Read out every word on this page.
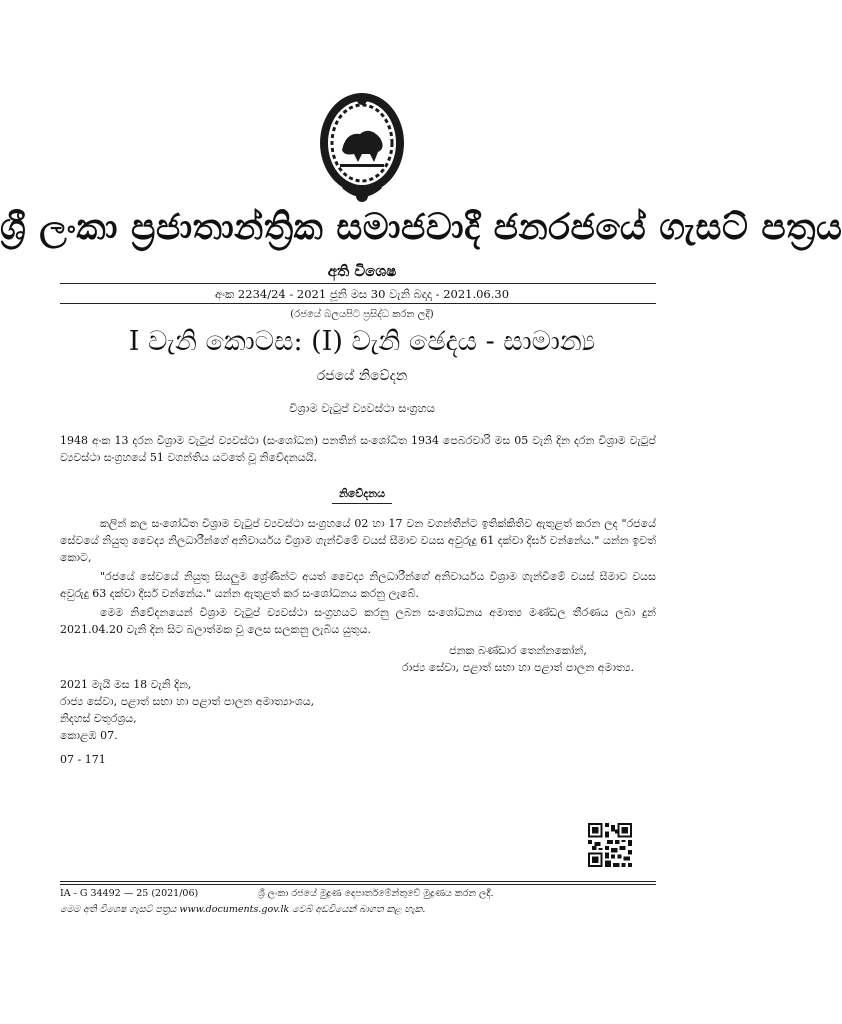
ශ්‍රී ලංකා ප්‍රජාතාන්ත්‍රික සමාජවාදී ජනරජයේ ගැසට් පත්‍රය
අති විශෙෂ
අංක 2234/24 - 2021 ජූනි මස 30 වැනි බදාදා - 2021.06.30
(රජයේ බලයපිට ප්‍රසිද්ධ කරන ලදී)
I වැනි කොටස: (I) වැනි ඡෙදය - සාමාන්‍ය
රජයේ නිවේදන
විශ්‍රාම වැටුප් ව්‍යවස්ථා සංග්‍රහය
1948 අංක 13 දරන විශ්‍රාම වැටුප් ව්‍යවස්ථා (සංශෝධන) පනතින් සංශෝධිත 1934 පෙබරවාරි මස 05 වැනි දින දරන විශ්‍රාම වැටුප් ව්‍යවස්ථා සංග්‍රහයේ 51 වගන්තිය යටතේ වූ නිවේදනයයි.
නිවේදනය
කලින් කල සංශෝධිත විශ්‍රාම වැටුප් ව්‍යවස්ථා සංග්‍රහයේ 02 හා 17 වන වගන්තීන්ට ඉතික්කිතිව ඇතුළත් කරන ලද "රජයේ සේවයේ නියුතු වෛද්‍ය නිලධාරීන්ගේ අනිවාර්යය විශ්‍රාම ගැන්වීමේ වයස් සීමාව වයස අවුරුදු 61 දක්වා දීර්ඝ වන්නේය." යන්න ඉවත් කොට,
"රජයේ සේවයේ නියුතු සියලුම ශ්‍රේණීන්ට අයත් වෛද්‍ය නිලධාරීන්ගේ අනිවාර්යය විශ්‍රාම ගැන්වීමේ වයස් සීමාව වයස අවුරුදු 63 දක්වා දීර්ඝ වන්නේය." යන්න ඇතුළත් කර සංශෝධනය කරනු ලැබේ.
මෙම නිවේදනයෙන් විශ්‍රාම වැටුප් ව්‍යවස්ථා සංග්‍රහයට කරනු ලබන සංශෝධනය අමාත්‍ය මණ්ඩල තීරණය ලබා දුන් 2021.04.20 වැනි දින සිට බලාත්මක වූ ලෙස සලකනු ලැබිය යුතුය.
ජනක බණ්ඩාර තෙන්නකෝන්,
රාජ්‍ය සේවා, පළාත් සභා හා පළාත් පාලන අමාත්‍ය.
2021 මැයි මස 18 වැනි දින,
රාජ්‍ය සේවා, පළාත් සභා හා පළාත් පාලන අමාත්‍යාංශය,
නිදහස් චතුරශ්‍රය,
කොළඹ 07.
07 - 171
IA - G 34492 — 25 (2021/06)	ශ්‍රී ලංකා රජයේ මුද්‍රණ දෙපාර්තමේන්තුවේ මුද්‍රණය කරන ලදී.
මෙම අති විශෙෂ ගැසට් පත්‍රය www.documents.gov.lk වෙබ් අඩවියෙන් බාගත කළ හැක.
